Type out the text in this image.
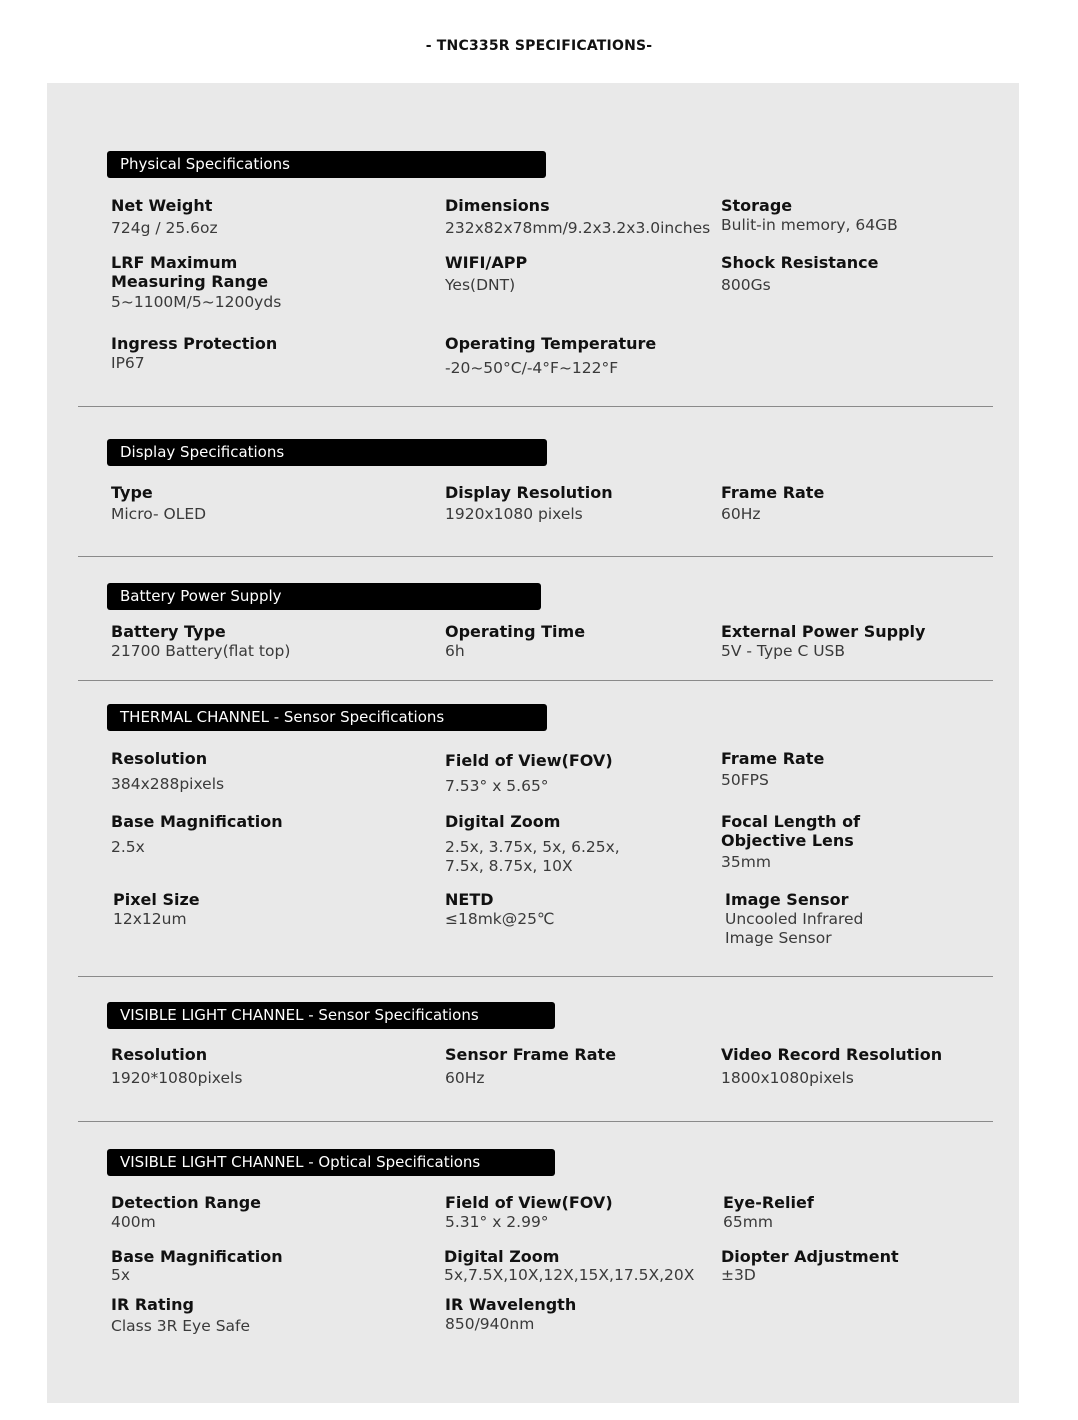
- TNC335R SPECIFICATIONS-
Physical Specifications
Net Weight
724g / 25.6oz
Dimensions
232x82x78mm/9.2x3.2x3.0inches
Storage
Bulit-in memory, 64GB
LRF Maximum
Measuring Range
5~1100M/5~1200yds
WIFI/APP
Yes(DNT)
Shock Resistance
800Gs
Ingress Protection
IP67
Operating Temperature
-20~50°C/-4°F~122°F
Display Specifications
Type
Micro- OLED
Display Resolution
1920x1080 pixels
Frame Rate
60Hz
Battery Power Supply
Battery Type
21700 Battery(flat top)
Operating Time
6h
External Power Supply
5V - Type C USB
THERMAL CHANNEL - Sensor Specifications
Resolution
384x288pixels
Field of View(FOV)
7.53° x 5.65°
Frame Rate
50FPS
Base Magnification
2.5x
Digital Zoom
2.5x, 3.75x, 5x, 6.25x,
7.5x, 8.75x, 10X
Focal Length of
Objective Lens
35mm
Pixel Size
12x12um
NETD
≤18mk@25℃
Image Sensor
Uncooled Infrared
Image Sensor
VISIBLE LIGHT CHANNEL - Sensor Specifications
Resolution
1920*1080pixels
Sensor Frame Rate
60Hz
Video Record Resolution
1800x1080pixels
VISIBLE LIGHT CHANNEL - Optical Specifications
Detection Range
400m
Field of View(FOV)
5.31° x 2.99°
Eye-Relief
65mm
Base Magnification
5x
Digital Zoom
5x,7.5X,10X,12X,15X,17.5X,20X
Diopter Adjustment
±3D
IR Rating
Class 3R Eye Safe
IR Wavelength
850/940nm
